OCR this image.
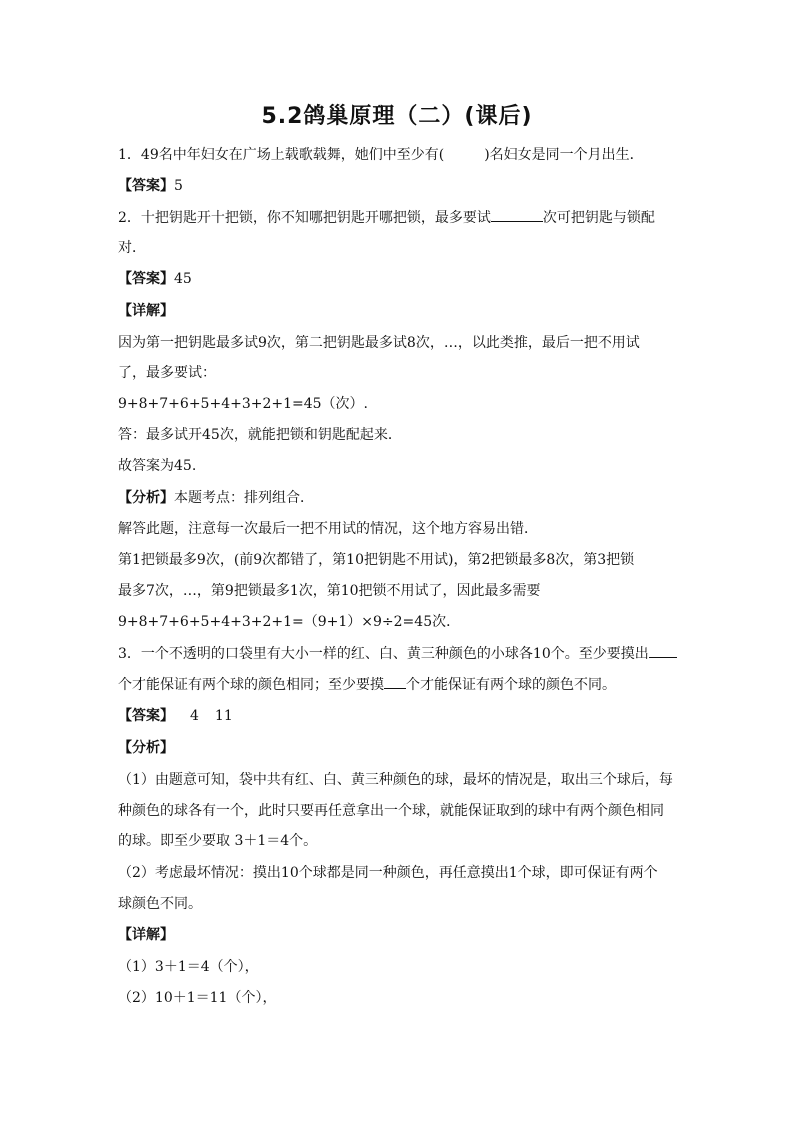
5.2鸽巢原理（二）(课后)
1．49名中年妇女在广场上载歌载舞，她们中至少有(	)名妇女是同一个月出生．
【答案】5
2．十把钥匙开十把锁，你不知哪把钥匙开哪把锁，最多要试	次可把钥匙与锁配
对．
【答案】45
【详解】
因为第一把钥匙最多试9次，第二把钥匙最多试8次，…，以此类推，最后一把不用试
了，最多要试：
9+8+7+6+5+4+3+2+1=45（次）.
答：最多试开45次，就能把锁和钥匙配起来．
故答案为45.
【分析】本题考点：排列组合．
解答此题，注意每一次最后一把不用试的情况，这个地方容易出错．
第1把锁最多9次，(前9次都错了，第10把钥匙不用试)，第2把锁最多8次，第3把锁
最多7次，…，第9把锁最多1次，第10把锁不用试了，因此最多需要
9+8+7+6+5+4+3+2+1=（9+1）×9÷2=45次．
3．一个不透明的口袋里有大小一样的红、白、黄三种颜色的小球各10个。至少要摸出
个才能保证有两个球的颜色相同；至少要摸 个才能保证有两个球的颜色不同。
【答案】 4 11
【分析】
（1）由题意可知，袋中共有红、白、黄三种颜色的球，最坏的情况是，取出三个球后，每
种颜色的球各有一个，此时只要再任意拿出一个球，就能保证取到的球中有两个颜色相同
的球。即至少要取 3＋1＝4个。
（2）考虑最坏情况：摸出10个球都是同一种颜色，再任意摸出1个球，即可保证有两个
球颜色不同。
【详解】
（1）3＋1＝4（个），
（2）10＋1＝11（个），
